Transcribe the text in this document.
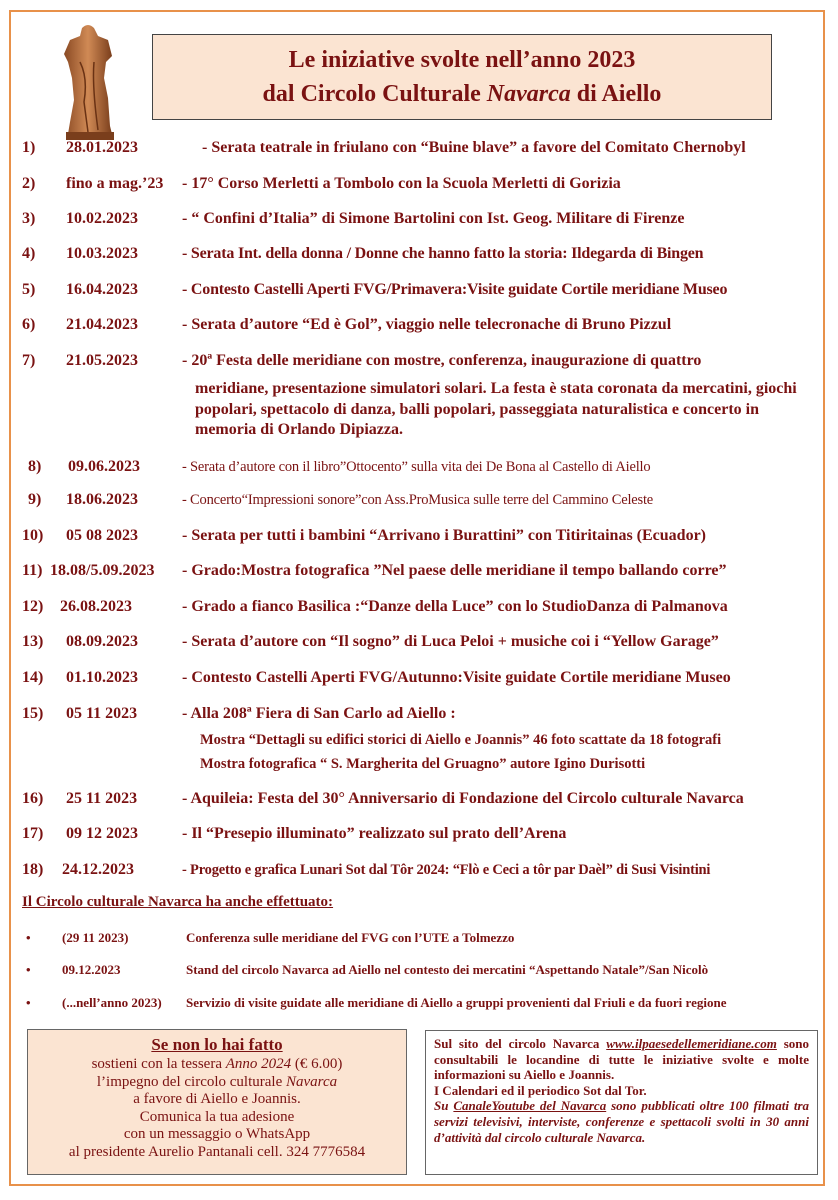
Le iniziative svolte nell’anno 2023
dal Circolo Culturale Navarca di Aiello
1) 28.01.2023	- Serata teatrale in friulano con “Buine blave” a favore del Comitato Chernobyl
2) fino a mag.’23 - 17° Corso Merletti a Tombolo con la Scuola Merletti di Gorizia
3) 10.02.2023	- “ Confini d’Italia” di Simone Bartolini con Ist. Geog. Militare di Firenze
4) 10.03.2023	- Serata Int. della donna / Donne che hanno fatto la storia: Ildegarda di Bingen
5) 16.04.2023	- Contesto Castelli Aperti FVG/Primavera:Visite guidate Cortile meridiane Museo
6) 21.04.2023	- Serata d’autore “Ed è Gol”, viaggio nelle telecronache di Bruno Pizzul
7) 21.05.2023	- 20ª Festa delle meridiane con mostre, conferenza, inaugurazione di quattro
meridiane, presentazione simulatori solari. La festa è stata coronata da mercatini, giochi popolari, spettacolo di danza, balli popolari, passeggiata naturalistica e concerto in memoria di Orlando Dipiazza.
8) 09.06.2023	- Serata d’autore con il libro”Ottocento” sulla vita dei De Bona al Castello di Aiello
9) 18.06.2023	- Concerto“Impressioni sonore”con Ass.ProMusica sulle terre del Cammino Celeste
10) 05 08 2023	- Serata per tutti i bambini “Arrivano i Burattini” con Titiritainas (Ecuador)
11) 18.08/5.09.2023 - Grado:Mostra fotografica ”Nel paese delle meridiane il tempo ballando corre”
12) 26.08.2023	- Grado a fianco Basilica :“Danze della Luce” con lo StudioDanza di Palmanova
13) 08.09.2023	- Serata d’autore con “Il sogno” di Luca Peloi + musiche coi i “Yellow Garage”
14) 01.10.2023	- Contesto Castelli Aperti FVG/Autunno:Visite guidate Cortile meridiane Museo
15) 05 11 2023	- Alla 208ª Fiera di San Carlo ad Aiello :
Mostra “Dettagli su edifici storici di Aiello e Joannis” 46 foto scattate da 18 fotografi
Mostra fotografica “ S. Margherita del Gruagno” autore Igino Durisotti
16) 25 11 2023	- Aquileia: Festa del 30° Anniversario di Fondazione del Circolo culturale Navarca
17) 09 12 2023	- Il “Presepio illuminato” realizzato sul prato dell’Arena
18) 24.12.2023	- Progetto e grafica Lunari Sot dal Tôr 2024: “Flò e Ceci a tôr par Daèl” di Susi Visintini
Il Circolo culturale Navarca ha anche effettuato:
• (29 11 2023)	Conferenza sulle meridiane del FVG con l’UTE a Tolmezzo
• 09.12.2023	Stand del circolo Navarca ad Aiello nel contesto dei mercatini “Aspettando Natale”/San Nicolò
• (...nell’anno 2023) Servizio di visite guidate alle meridiane di Aiello a gruppi provenienti dal Friuli e da fuori regione
Se non lo hai fatto
sostieni con la tessera Anno 2024 (€ 6.00)
l’impegno del circolo culturale Navarca
a favore di Aiello e Joannis.
Comunica la tua adesione
con un messaggio o WhatsApp
al presidente Aurelio Pantanali cell. 324 7776584
Sul sito del circolo Navarca www.ilpaesedellemeridiane.com sono consultabili le locandine di tutte le iniziative svolte e molte informazioni su Aiello e Joannis.
I Calendari ed il periodico Sot dal Tor.
Su CanaleYoutube del Navarca sono pubblicati oltre 100 filmati tra servizi televisivi, interviste, conferenze e spettacoli svolti in 30 anni d’attività dal circolo culturale Navarca.
